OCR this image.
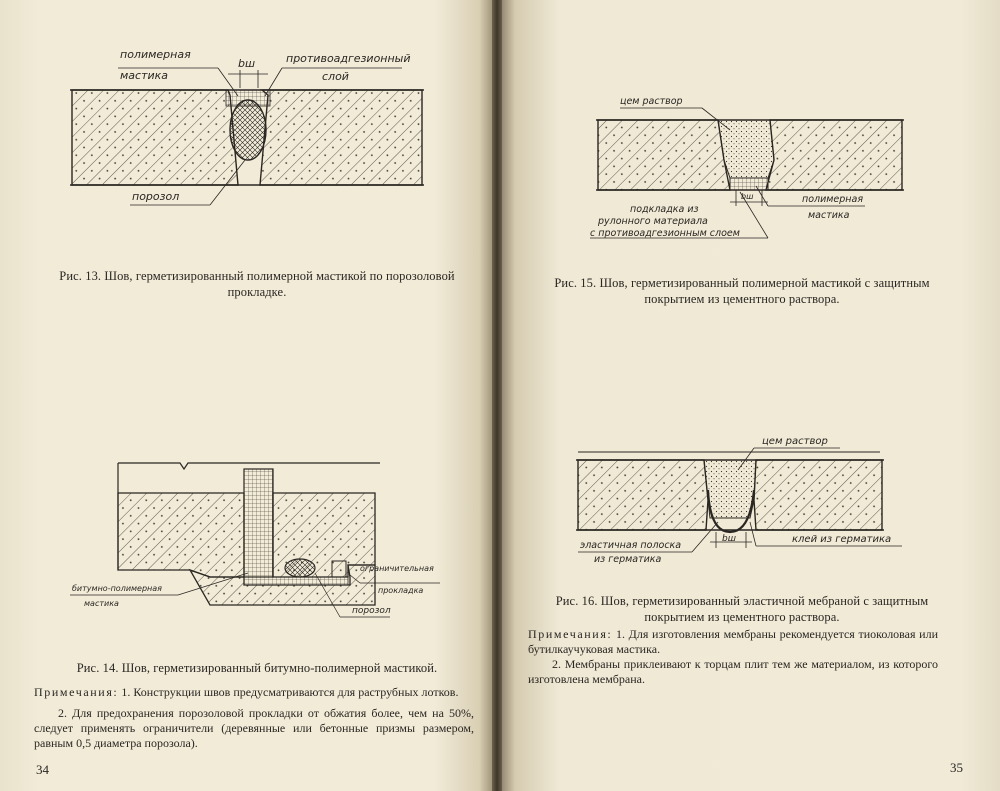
полимерная
мастика
bш	противоадгезионный
слой
порозол
Рис. 13. Шов, герметизированный полимерной мастикой по порозоловой прокладке.
битумно-полимерная
мастика
ограничительная
прокладка
порозол
Рис. 14. Шов, герметизированный битумно-полимерной мастикой.

Примечания: 1. Конструкции швов предусматриваются для раструбных лотков.

2. Для предохранения порозоловой прокладки от обжатия более, чем на 50%, следует применять ограничители (деревянные или бетонные призмы размером, равным 0,5 диаметра порозола).

34
цем раствор
подкладка из
рулонного материала
с противоадгезионным слоем
bш	полимерная
мастика
Рис. 15. Шов, герметизированный полимерной мастикой с защитным покрытием из цементного раствора.
цем раствор
эластичная полоска
из герматика
bш	клей из герматика
Рис. 16. Шов, герметизированный эластичной мебраной с защитным покрытием из цементного раствора.

Примечания: 1. Для изготовления мембраны рекомендуется тиоколовая или бутилкаучуковая мастика.

2. Мембраны приклеивают к торцам плит тем же материалом, из которого изготовлена мембрана.

35
